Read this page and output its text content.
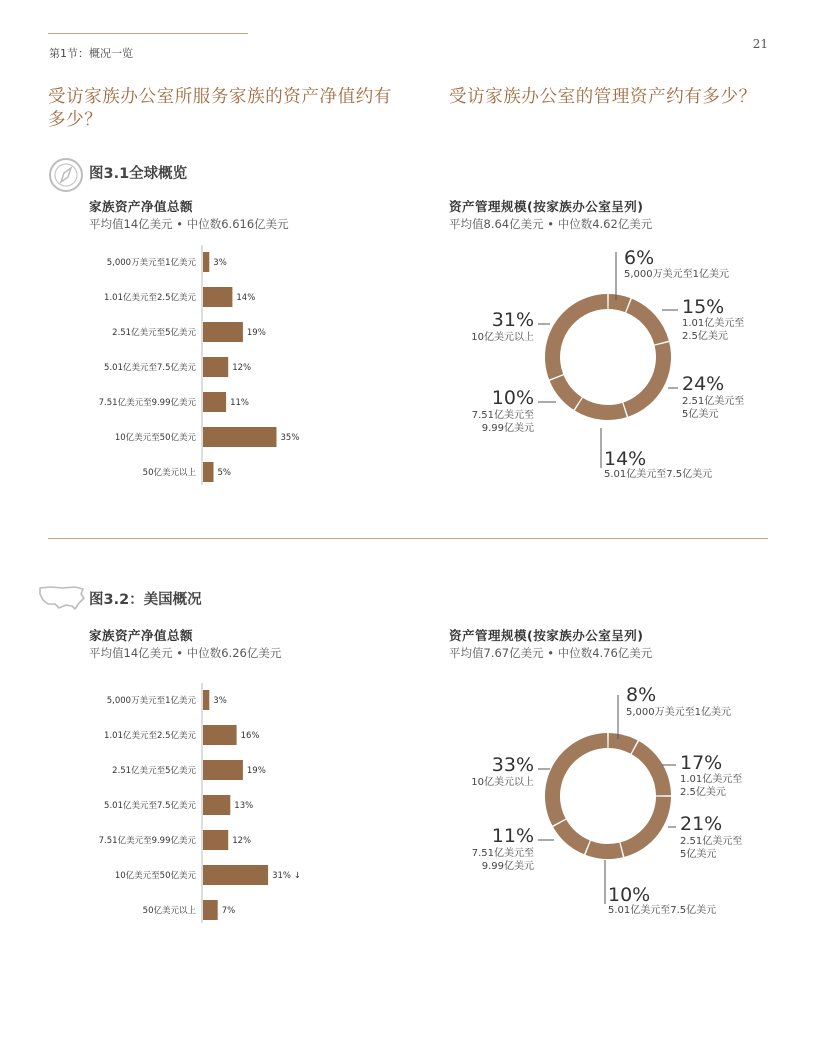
第1节：概况一览
21
受访家族办公室所服务家族的资产净值约有多少？
受访家族办公室的管理资产约有多少？
图3.1全球概览
家族资产净值总额
平均值14亿美元 • 中位数6.616亿美元
资产管理规模(按家族办公室呈列)
平均值8.64亿美元 • 中位数4.62亿美元
5,000万美元至1亿美元 3%
1.01亿美元至2.5亿美元	14%
2.51亿美元至5亿美元	19%
5.01亿美元至7.5亿美元	12%
7.51亿美元至9.99亿美元	11%
10亿美元至50亿美元	35%
50亿美元以上	5%
6%
5,000万美元至1亿美元
15%
1.01亿美元至
2.5亿美元
24%
2.51亿美元至
5亿美元
14%
5.01亿美元至7.5亿美元
10%
7.51亿美元至
9.99亿美元
31%
10亿美元以上
图3.2：美国概况
家族资产净值总额
平均值14亿美元 • 中位数6.26亿美元
资产管理规模(按家族办公室呈列)
平均值7.67亿美元 • 中位数4.76亿美元
5,000万美元至1亿美元 3%
1.01亿美元至2.5亿美元	16%
2.51亿美元至5亿美元	19%
5.01亿美元至7.5亿美元	13%
7.51亿美元至9.99亿美元	12%
10亿美元至50亿美元	31% ↓
50亿美元以上	7%
8%
5,000万美元至1亿美元
17%
1.01亿美元至
2.5亿美元
21%
2.51亿美元至
5亿美元
10%
5.01亿美元至7.5亿美元
11%
7.51亿美元至
9.99亿美元
33%
10亿美元以上
